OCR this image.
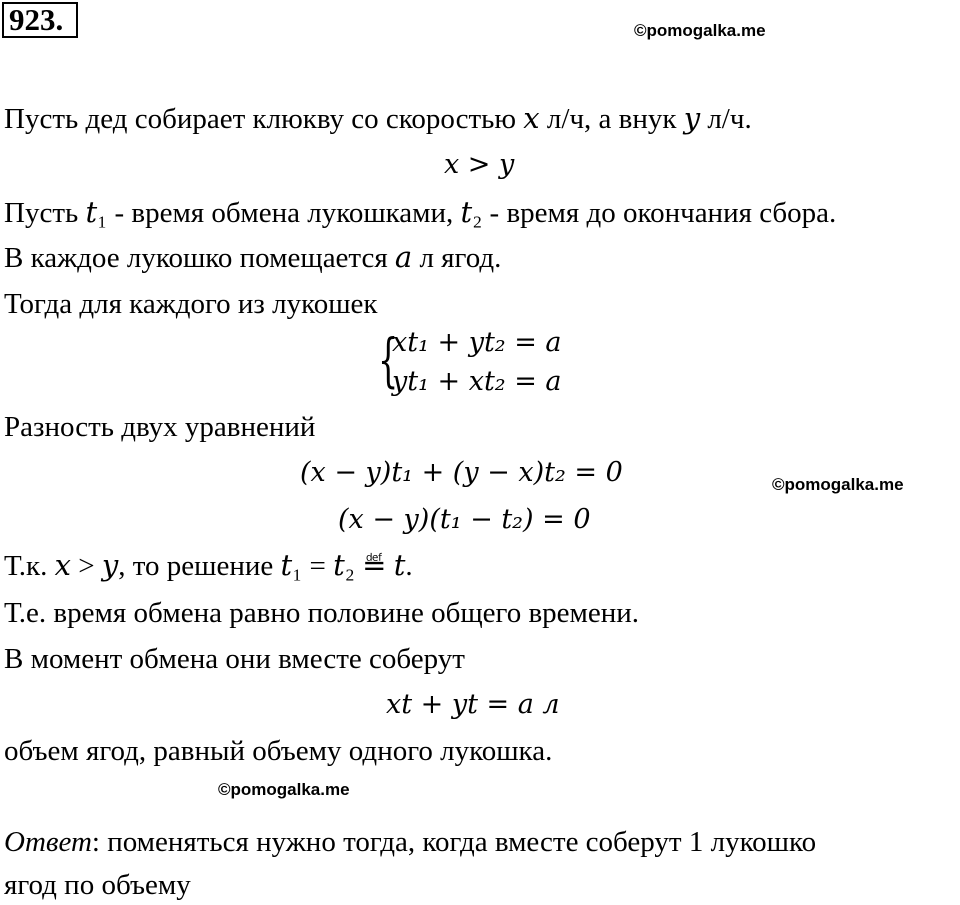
923.	©pomogalka.me
Пусть дед собирает клюкву со скоростью 𝑥 л/ч, а внук 𝑦 л/ч.
𝑥 > 𝑦
Пусть 𝑡₁ - время обмена лукошками, 𝑡₂ - время до окончания сбора.
В каждое лукошко помещается 𝑎 л ягод.
Тогда для каждого из лукошек
{
𝑥𝑡₁ + 𝑦𝑡₂ = 𝑎
𝑦𝑡₁ + 𝑥𝑡₂ = 𝑎
Разность двух уравнений
(𝑥 − 𝑦)𝑡₁ + (𝑦 − 𝑥)𝑡₂ = 0	©pomogalka.me
(𝑥 − 𝑦)(𝑡₁ − 𝑡₂) = 0
Т.к. 𝑥 > 𝑦, то решение 𝑡₁ = 𝑡₂ ≝ 𝑡.
Т.е. время обмена равно половине общего времени.
В момент обмена они вместе соберут
𝑥𝑡 + 𝑦𝑡 = 𝑎 л
объем ягод, равный объему одного лукошка.
©pomogalka.me
Ответ: поменяться нужно тогда, когда вместе соберут 1 лукошко
ягод по объему
